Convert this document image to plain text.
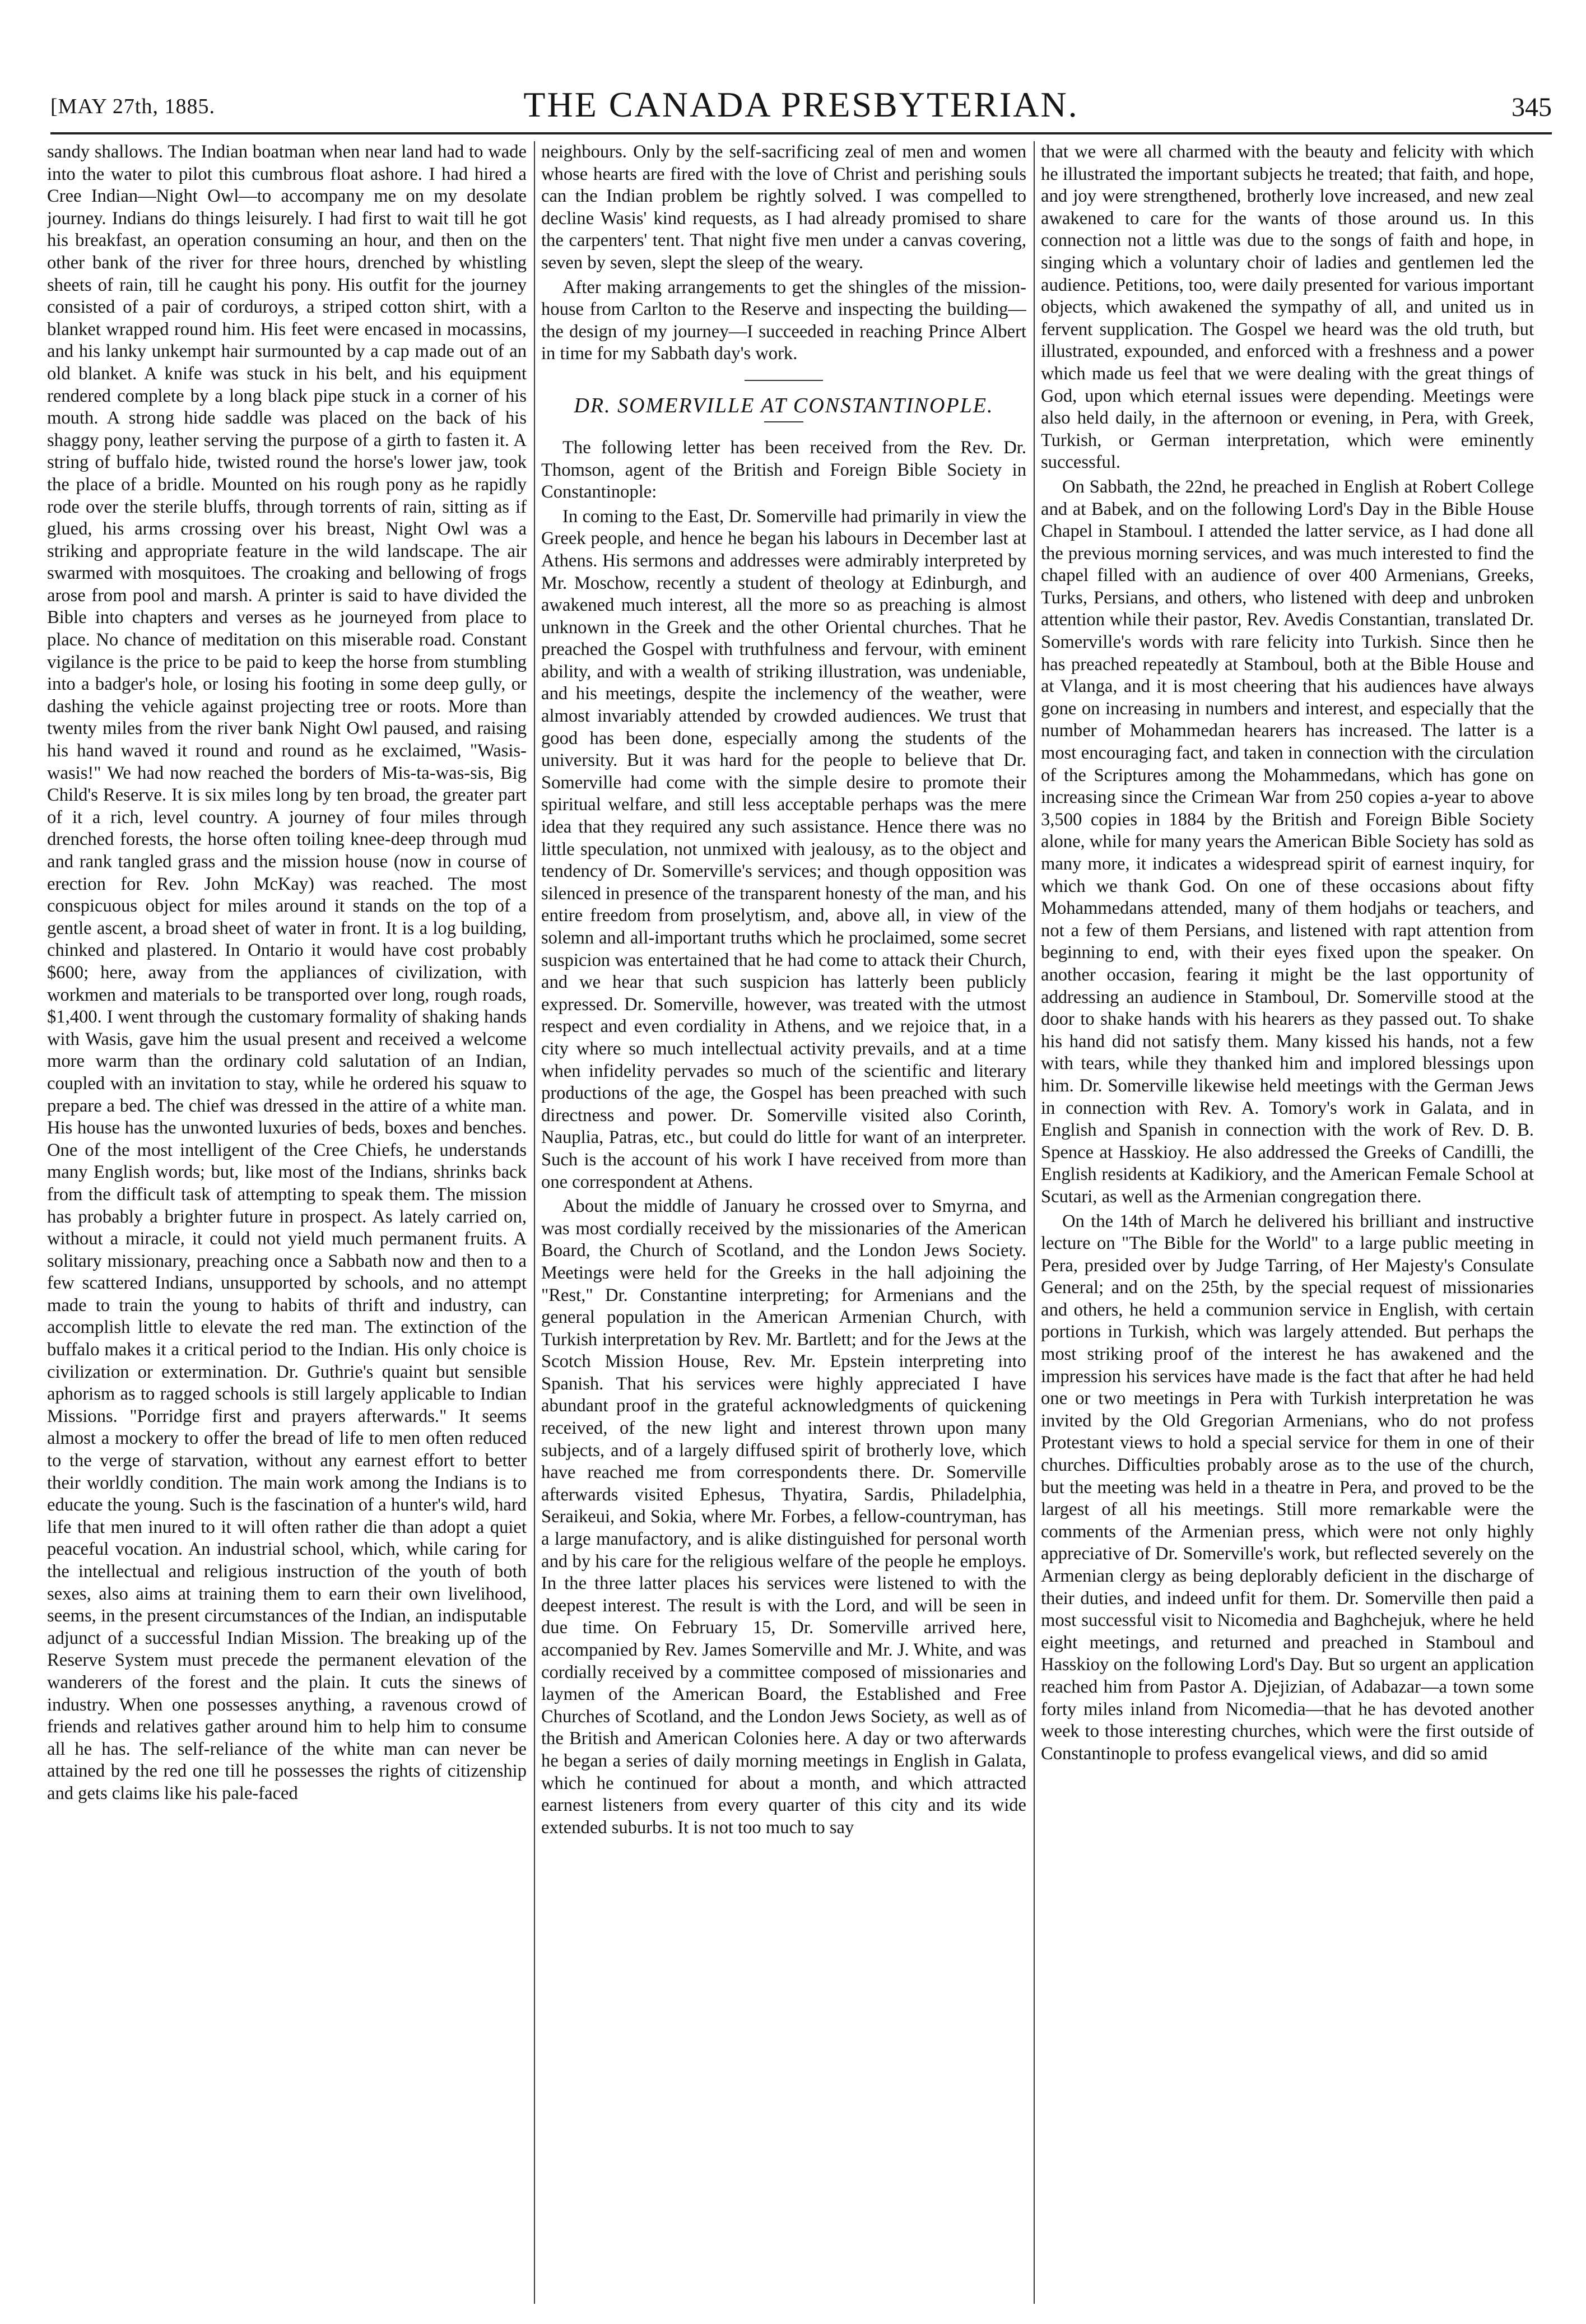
THE CANADA PRESBYTERIAN.
[MAY 27th, 1885.	345

sandy shallows. The Indian boatman when near land had to wade into the water to pilot this cumbrous float ashore. I had hired a Cree Indian—Night Owl—to accompany me on my desolate journey. Indians do things leisurely. I had first to wait till he got his breakfast, an operation consuming an hour, and then on the other bank of the river for three hours, drenched by whistling sheets of rain, till he caught his pony. His outfit for the journey consisted of a pair of corduroys, a striped cotton shirt, with a blanket wrapped round him. His feet were encased in mocassins, and his lanky unkempt hair surmounted by a cap made out of an old blanket. A knife was stuck in his belt, and his equipment rendered complete by a long black pipe stuck in a corner of his mouth. A strong hide saddle was placed on the back of his shaggy pony, leather serving the purpose of a girth to fasten it. A string of buffalo hide, twisted round the horse's lower jaw, took the place of a bridle. Mounted on his rough pony as he rapidly rode over the sterile bluffs, through torrents of rain, sitting as if glued, his arms crossing over his breast, Night Owl was a striking and appropriate feature in the wild landscape. The air swarmed with mosquitoes. The croaking and bellowing of frogs arose from pool and marsh. A printer is said to have divided the Bible into chapters and verses as he journeyed from place to place. No chance of meditation on this miserable road. Constant vigilance is the price to be paid to keep the horse from stumbling into a badger's hole, or losing his footing in some deep gully, or dashing the vehicle against projecting tree or roots. More than twenty miles from the river bank Night Owl paused, and raising his hand waved it round and round as he exclaimed, "Wasis-wasis!" We had now reached the borders of Mis-ta-was-sis, Big Child's Reserve. It is six miles long by ten broad, the greater part of it a rich, level country. A journey of four miles through drenched forests, the horse often toiling knee-deep through mud and rank tangled grass and the mission house (now in course of erection for Rev. John McKay) was reached. The most conspicuous object for miles around it stands on the top of a gentle ascent, a broad sheet of water in front. It is a log building, chinked and plastered. In Ontario it would have cost probably $600; here, away from the appliances of civilization, with workmen and materials to be transported over long, rough roads, $1,400. I went through the customary formality of shaking hands with Wasis, gave him the usual present and received a welcome more warm than the ordinary cold salutation of an Indian, coupled with an invitation to stay, while he ordered his squaw to prepare a bed. The chief was dressed in the attire of a white man. His house has the unwonted luxuries of beds, boxes and benches. One of the most intelligent of the Cree Chiefs, he understands many English words; but, like most of the Indians, shrinks back from the difficult task of attempting to speak them. The mission has probably a brighter future in prospect. As lately carried on, without a miracle, it could not yield much permanent fruits. A solitary missionary, preaching once a Sabbath now and then to a few scattered Indians, unsupported by schools, and no attempt made to train the young to habits of thrift and industry, can accomplish little to elevate the red man. The extinction of the buffalo makes it a critical period to the Indian. His only choice is civilization or extermination. Dr. Guthrie's quaint but sensible aphorism as to ragged schools is still largely applicable to Indian Missions. "Porridge first and prayers afterwards." It seems almost a mockery to offer the bread of life to men often reduced to the verge of starvation, without any earnest effort to better their worldly condition. The main work among the Indians is to educate the young. Such is the fascination of a hunter's wild, hard life that men inured to it will often rather die than adopt a quiet peaceful vocation. An industrial school, which, while caring for the intellectual and religious instruction of the youth of both sexes, also aims at training them to earn their own livelihood, seems, in the present circumstances of the Indian, an indisputable adjunct of a successful Indian Mission. The breaking up of the Reserve System must precede the permanent elevation of the wanderers of the forest and the plain. It cuts the sinews of industry. When one possesses anything, a ravenous crowd of friends and relatives gather around him to help him to consume all he has. The self-reliance of the white man can never be attained by the red one till he possesses the rights of citizenship and gets claims like his pale-faced

neighbours. Only by the self-sacrificing zeal of men and women whose hearts are fired with the love of Christ and perishing souls can the Indian problem be rightly solved. I was compelled to decline Wasis' kind requests, as I had already promised to share the carpenters' tent. That night five men under a canvas covering, seven by seven, slept the sleep of the weary.

After making arrangements to get the shingles of the mission-house from Carlton to the Reserve and inspecting the building—the design of my journey—I succeeded in reaching Prince Albert in time for my Sabbath day's work.

DR. SOMERVILLE AT CONSTANTINOPLE.

The following letter has been received from the Rev. Dr. Thomson, agent of the British and Foreign Bible Society in Constantinople:

In coming to the East, Dr. Somerville had primarily in view the Greek people, and hence he began his labours in December last at Athens. His sermons and addresses were admirably interpreted by Mr. Moschow, recently a student of theology at Edinburgh, and awakened much interest, all the more so as preaching is almost unknown in the Greek and the other Oriental churches. That he preached the Gospel with truthfulness and fervour, with eminent ability, and with a wealth of striking illustration, was undeniable, and his meetings, despite the inclemency of the weather, were almost invariably attended by crowded audiences. We trust that good has been done, especially among the students of the university. But it was hard for the people to believe that Dr. Somerville had come with the simple desire to promote their spiritual welfare, and still less acceptable perhaps was the mere idea that they required any such assistance. Hence there was no little speculation, not unmixed with jealousy, as to the object and tendency of Dr. Somerville's services; and though opposition was silenced in presence of the transparent honesty of the man, and his entire freedom from proselytism, and, above all, in view of the solemn and all-important truths which he proclaimed, some secret suspicion was entertained that he had come to attack their Church, and we hear that such suspicion has latterly been publicly expressed. Dr. Somerville, however, was treated with the utmost respect and even cordiality in Athens, and we rejoice that, in a city where so much intellectual activity prevails, and at a time when infidelity pervades so much of the scientific and literary productions of the age, the Gospel has been preached with such directness and power. Dr. Somerville visited also Corinth, Nauplia, Patras, etc., but could do little for want of an interpreter. Such is the account of his work I have received from more than one correspondent at Athens.

About the middle of January he crossed over to Smyrna, and was most cordially received by the missionaries of the American Board, the Church of Scotland, and the London Jews Society. Meetings were held for the Greeks in the hall adjoining the "Rest," Dr. Constantine interpreting; for Armenians and the general population in the American Armenian Church, with Turkish interpretation by Rev. Mr. Bartlett; and for the Jews at the Scotch Mission House, Rev. Mr. Epstein interpreting into Spanish. That his services were highly appreciated I have abundant proof in the grateful acknowledgments of quickening received, of the new light and interest thrown upon many subjects, and of a largely diffused spirit of brotherly love, which have reached me from correspondents there. Dr. Somerville afterwards visited Ephesus, Thyatira, Sardis, Philadelphia, Seraikeui, and Sokia, where Mr. Forbes, a fellow-countryman, has a large manufactory, and is alike distinguished for personal worth and by his care for the religious welfare of the people he employs. In the three latter places his services were listened to with the deepest interest. The result is with the Lord, and will be seen in due time. On February 15, Dr. Somerville arrived here, accompanied by Rev. James Somerville and Mr. J. White, and was cordially received by a committee composed of missionaries and laymen of the American Board, the Established and Free Churches of Scotland, and the London Jews Society, as well as of the British and American Colonies here. A day or two afterwards he began a series of daily morning meetings in English in Galata, which he continued for about a month, and which attracted earnest listeners from every quarter of this city and its wide extended suburbs. It is not too much to say

that we were all charmed with the beauty and felicity with which he illustrated the important subjects he treated; that faith, and hope, and joy were strengthened, brotherly love increased, and new zeal awakened to care for the wants of those around us. In this connection not a little was due to the songs of faith and hope, in singing which a voluntary choir of ladies and gentlemen led the audience. Petitions, too, were daily presented for various important objects, which awakened the sympathy of all, and united us in fervent supplication. The Gospel we heard was the old truth, but illustrated, expounded, and enforced with a freshness and a power which made us feel that we were dealing with the great things of God, upon which eternal issues were depending. Meetings were also held daily, in the afternoon or evening, in Pera, with Greek, Turkish, or German interpretation, which were eminently successful.

On Sabbath, the 22nd, he preached in English at Robert College and at Babek, and on the following Lord's Day in the Bible House Chapel in Stamboul. I attended the latter service, as I had done all the previous morning services, and was much interested to find the chapel filled with an audience of over 400 Armenians, Greeks, Turks, Persians, and others, who listened with deep and unbroken attention while their pastor, Rev. Avedis Constantian, translated Dr. Somerville's words with rare felicity into Turkish. Since then he has preached repeatedly at Stamboul, both at the Bible House and at Vlanga, and it is most cheering that his audiences have always gone on increasing in numbers and interest, and especially that the number of Mohammedan hearers has increased. The latter is a most encouraging fact, and taken in connection with the circulation of the Scriptures among the Mohammedans, which has gone on increasing since the Crimean War from 250 copies a-year to above 3,500 copies in 1884 by the British and Foreign Bible Society alone, while for many years the American Bible Society has sold as many more, it indicates a widespread spirit of earnest inquiry, for which we thank God. On one of these occasions about fifty Mohammedans attended, many of them hodjahs or teachers, and not a few of them Persians, and listened with rapt attention from beginning to end, with their eyes fixed upon the speaker. On another occasion, fearing it might be the last opportunity of addressing an audience in Stamboul, Dr. Somerville stood at the door to shake hands with his hearers as they passed out. To shake his hand did not satisfy them. Many kissed his hands, not a few with tears, while they thanked him and implored blessings upon him. Dr. Somerville likewise held meetings with the German Jews in connection with Rev. A. Tomory's work in Galata, and in English and Spanish in connection with the work of Rev. D. B. Spence at Hasskioy. He also addressed the Greeks of Candilli, the English residents at Kadikiory, and the American Female School at Scutari, as well as the Armenian congregation there.

On the 14th of March he delivered his brilliant and instructive lecture on "The Bible for the World" to a large public meeting in Pera, presided over by Judge Tarring, of Her Majesty's Consulate General; and on the 25th, by the special request of missionaries and others, he held a communion service in English, with certain portions in Turkish, which was largely attended. But perhaps the most striking proof of the interest he has awakened and the impression his services have made is the fact that after he had held one or two meetings in Pera with Turkish interpretation he was invited by the Old Gregorian Armenians, who do not profess Protestant views to hold a special service for them in one of their churches. Difficulties probably arose as to the use of the church, but the meeting was held in a theatre in Pera, and proved to be the largest of all his meetings. Still more remarkable were the comments of the Armenian press, which were not only highly appreciative of Dr. Somerville's work, but reflected severely on the Armenian clergy as being deplorably deficient in the discharge of their duties, and indeed unfit for them. Dr. Somerville then paid a most successful visit to Nicomedia and Baghchejuk, where he held eight meetings, and returned and preached in Stamboul and Hasskioy on the following Lord's Day. But so urgent an application reached him from Pastor A. Djejizian, of Adabazar—a town some forty miles inland from Nicomedia—that he has devoted another week to those interesting churches, which were the first outside of Constantinople to profess evangelical views, and did so amid
